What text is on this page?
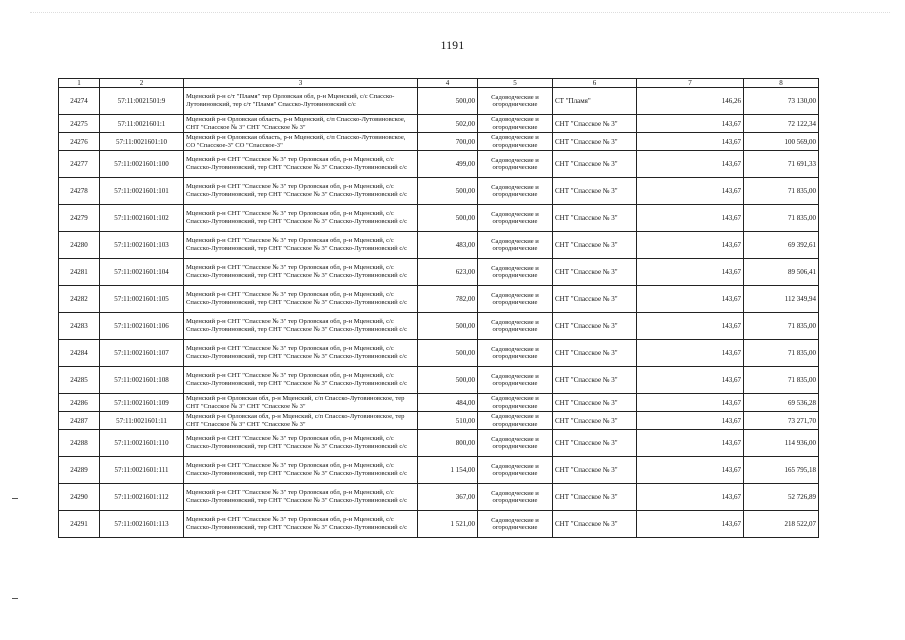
1191
1	2	3	4	5	6	7	8
24274	57:11:0021501:9	Мценский р-н с/т "Пламя" тер Орловская обл, р-н Мценский, с/с Спасско-Лутовиновский, тер с/т "Пламя" Спасско-Лутовиновский с/с	500,00	Садоводческие и огороднические	СТ "Пламя"	146,26	73 130,00
24275	57:11:0021601:1	Мценский р-н Орловская область, р-н Мценский, с/п Спасско-Лутовиновское, СНТ "Спасское № 3" СНТ "Спасское № 3"	502,00	Садоводческие и огороднические	СНТ "Спасское № 3"	143,67	72 122,34
24276	57:11:0021601:10	Мценский р-н Орловская область, р-н Мценский, с/п Спасско-Лутовиновское, СО "Спасское-3" СО "Спасское-3"	700,00	Садоводческие и огороднические	СНТ "Спасское № 3"	143,67	100 569,00
24277	57:11:0021601:100	Мценский р-н СНТ "Спасское № 3" тер Орловская обл, р-н Мценский, с/с Спасско-Лутовиновский, тер СНТ "Спасское № 3" Спасско-Лутовиновский с/с	499,00	Садоводческие и огороднические	СНТ "Спасское № 3"	143,67	71 691,33
24278	57:11:0021601:101	Мценский р-н СНТ "Спасское № 3" тер Орловская обл, р-н Мценский, с/с Спасско-Лутовиновский, тер СНТ "Спасское № 3" Спасско-Лутовиновский с/с	500,00	Садоводческие и огороднические	СНТ "Спасское № 3"	143,67	71 835,00
24279	57:11:0021601:102	Мценский р-н СНТ "Спасское № 3" тер Орловская обл, р-н Мценский, с/с Спасско-Лутовиновский, тер СНТ "Спасское № 3" Спасско-Лутовиновский с/с	500,00	Садоводческие и огороднические	СНТ "Спасское № 3"	143,67	71 835,00
24280	57:11:0021601:103	Мценский р-н СНТ "Спасское № 3" тер Орловская обл, р-н Мценский, с/с Спасско-Лутовиновский, тер СНТ "Спасское № 3" Спасско-Лутовиновский с/с	483,00	Садоводческие и огороднические	СНТ "Спасское № 3"	143,67	69 392,61
24281	57:11:0021601:104	Мценский р-н СНТ "Спасское № 3" тер Орловская обл, р-н Мценский, с/с Спасско-Лутовиновский, тер СНТ "Спасское № 3" Спасско-Лутовиновский с/с	623,00	Садоводческие и огороднические	СНТ "Спасское № 3"	143,67	89 506,41
24282	57:11:0021601:105	Мценский р-н СНТ "Спасское № 3" тер Орловская обл, р-н Мценский, с/с Спасско-Лутовиновский, тер СНТ "Спасское № 3" Спасско-Лутовиновский с/с	782,00	Садоводческие и огороднические	СНТ "Спасское № 3"	143,67	112 349,94
24283	57:11:0021601:106	Мценский р-н СНТ "Спасское № 3" тер Орловская обл, р-н Мценский, с/с Спасско-Лутовиновский, тер СНТ "Спасское № 3" Спасско-Лутовиновский с/с	500,00	Садоводческие и огороднические	СНТ "Спасское № 3"	143,67	71 835,00
24284	57:11:0021601:107	Мценский р-н СНТ "Спасское № 3" тер Орловская обл, р-н Мценский, с/с Спасско-Лутовиновский, тер СНТ "Спасское № 3" Спасско-Лутовиновский с/с	500,00	Садоводческие и огороднические	СНТ "Спасское № 3"	143,67	71 835,00
24285	57:11:0021601:108	Мценский р-н СНТ "Спасское № 3" тер Орловская обл, р-н Мценский, с/с Спасско-Лутовиновский, тер СНТ "Спасское № 3" Спасско-Лутовиновский с/с	500,00	Садоводческие и огороднические	СНТ "Спасское № 3"	143,67	71 835,00
24286	57:11:0021601:109	Мценский р-н Орловская обл, р-н Мценский, с/п Спасско-Лутовиновское, тер СНТ "Спасское № 3" СНТ "Спасское № 3"	484,00	Садоводческие и огороднические	СНТ "Спасское № 3"	143,67	69 536,28
24287	57:11:0021601:11	Мценский р-н Орловская обл, р-н Мценский, с/п Спасско-Лутовиновское, тер СНТ "Спасское № 3" СНТ "Спасское № 3"	510,00	Садоводческие и огороднические	СНТ "Спасское № 3"	143,67	73 271,70
24288	57:11:0021601:110	Мценский р-н СНТ "Спасское № 3" тер Орловская обл, р-н Мценский, с/с Спасско-Лутовиновский, тер СНТ "Спасское № 3" Спасско-Лутовиновский с/с	800,00	Садоводческие и огороднические	СНТ "Спасское № 3"	143,67	114 936,00
24289	57:11:0021601:111	Мценский р-н СНТ "Спасское № 3" тер Орловская обл, р-н Мценский, с/с Спасско-Лутовиновский, тер СНТ "Спасское № 3" Спасско-Лутовиновский с/с	1 154,00	Садоводческие и огороднические	СНТ "Спасское № 3"	143,67	165 795,18
24290	57:11:0021601:112	Мценский р-н СНТ "Спасское № 3" тер Орловская обл, р-н Мценский, с/с Спасско-Лутовиновский, тер СНТ "Спасское № 3" Спасско-Лутовиновский с/с	367,00	Садоводческие и огороднические	СНТ "Спасское № 3"	143,67	52 726,89
24291	57:11:0021601:113	Мценский р-н СНТ "Спасское № 3" тер Орловская обл, р-н Мценский, с/с Спасско-Лутовиновский, тер СНТ "Спасское № 3" Спасско-Лутовиновский с/с	1 521,00	Садоводческие и огороднические	СНТ "Спасское № 3"	143,67	218 522,07
